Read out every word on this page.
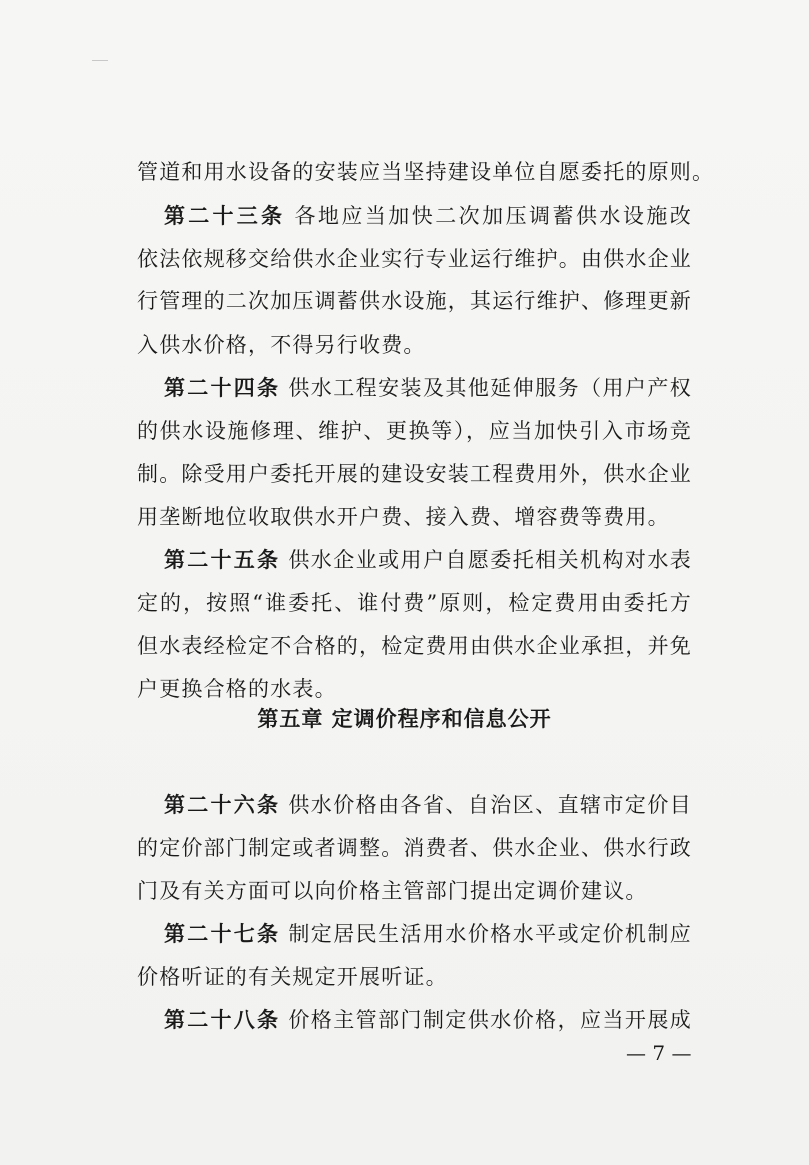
管道和用水设备的安装应当坚持建设单位自愿委托的原则。
第二十三条 各地应当加快二次加压调蓄供水设施改
依法依规移交给供水企业实行专业运行维护。由供水企业
行管理的二次加压调蓄供水设施，其运行维护、修理更新
入供水价格，不得另行收费。
第二十四条 供水工程安装及其他延伸服务（用户产权
的供水设施修理、维护、更换等），应当加快引入市场竞
制。除受用户委托开展的建设安装工程费用外，供水企业
用垄断地位收取供水开户费、接入费、增容费等费用。
第二十五条 供水企业或用户自愿委托相关机构对水表
定的，按照“谁委托、谁付费”原则，检定费用由委托方
但水表经检定不合格的，检定费用由供水企业承担，并免
户更换合格的水表。
第五章 定调价程序和信息公开
第二十六条 供水价格由各省、自治区、直辖市定价目
的定价部门制定或者调整。消费者、供水企业、供水行政
门及有关方面可以向价格主管部门提出定调价建议。
第二十七条 制定居民生活用水价格水平或定价机制应
价格听证的有关规定开展听证。
第二十八条 价格主管部门制定供水价格，应当开展成
— 7 —
